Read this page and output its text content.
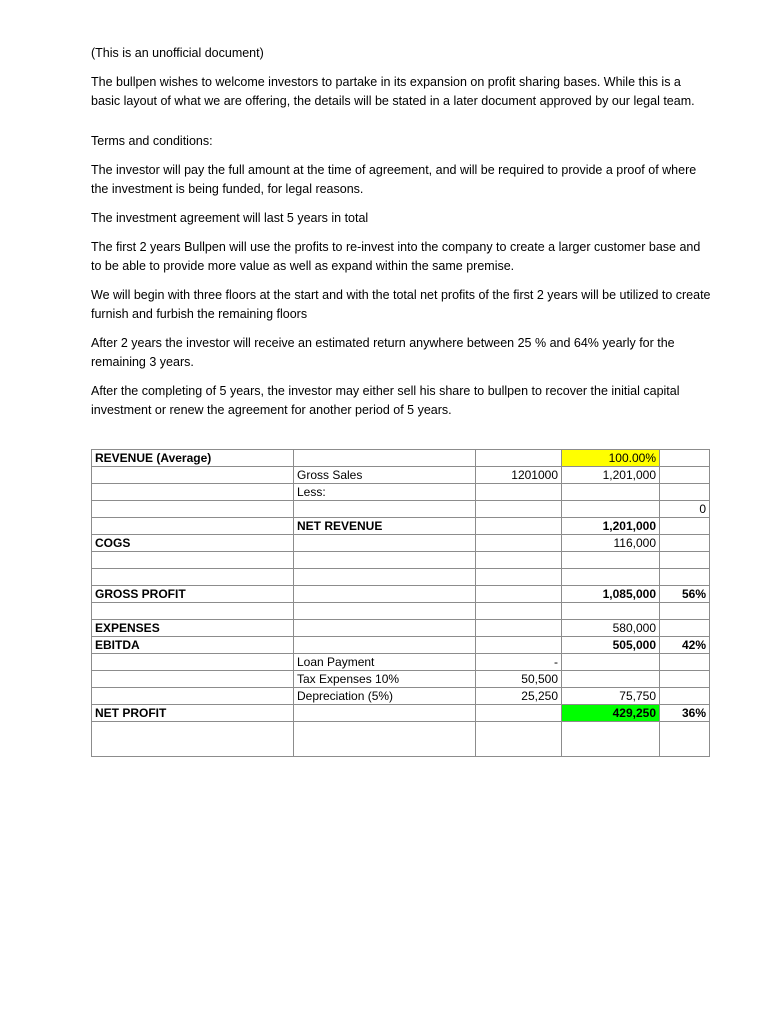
(This is an unofficial document)

The bullpen wishes to welcome investors to partake in its expansion on profit sharing bases. While this is a basic layout of what we are offering, the details will be stated in a later document approved by our legal team.

Terms and conditions:

The investor will pay the full amount at the time of agreement, and will be required to provide a proof of where the investment is being funded, for legal reasons.

The investment agreement will last 5 years in total

The first 2 years Bullpen will use the profits to re-invest into the company to create a larger customer base and to be able to provide more value as well as expand within the same premise.

We will begin with three floors at the start and with the total net profits of the first 2 years will be utilized to create furnish and furbish the remaining floors

After 2 years the investor will receive an estimated return anywhere between 25 % and 64% yearly for the remaining 3 years.

After the completing of 5 years, the investor may either sell his share to bullpen to recover the initial capital investment or renew the agreement for another period of 5 years.

REVENUE (Average)			100.00%	
	Gross Sales	1201000	1,201,000	
	Less:			
				0
	NET REVENUE		1,201,000	
COGS			116,000	

GROSS PROFIT			1,085,000	56%

EXPENSES			580,000	
EBITDA			505,000	42%
	Loan Payment	-		
	Tax Expenses 10%	50,500		
	Depreciation (5%)	25,250	75,750	
NET PROFIT			429,250	36%
